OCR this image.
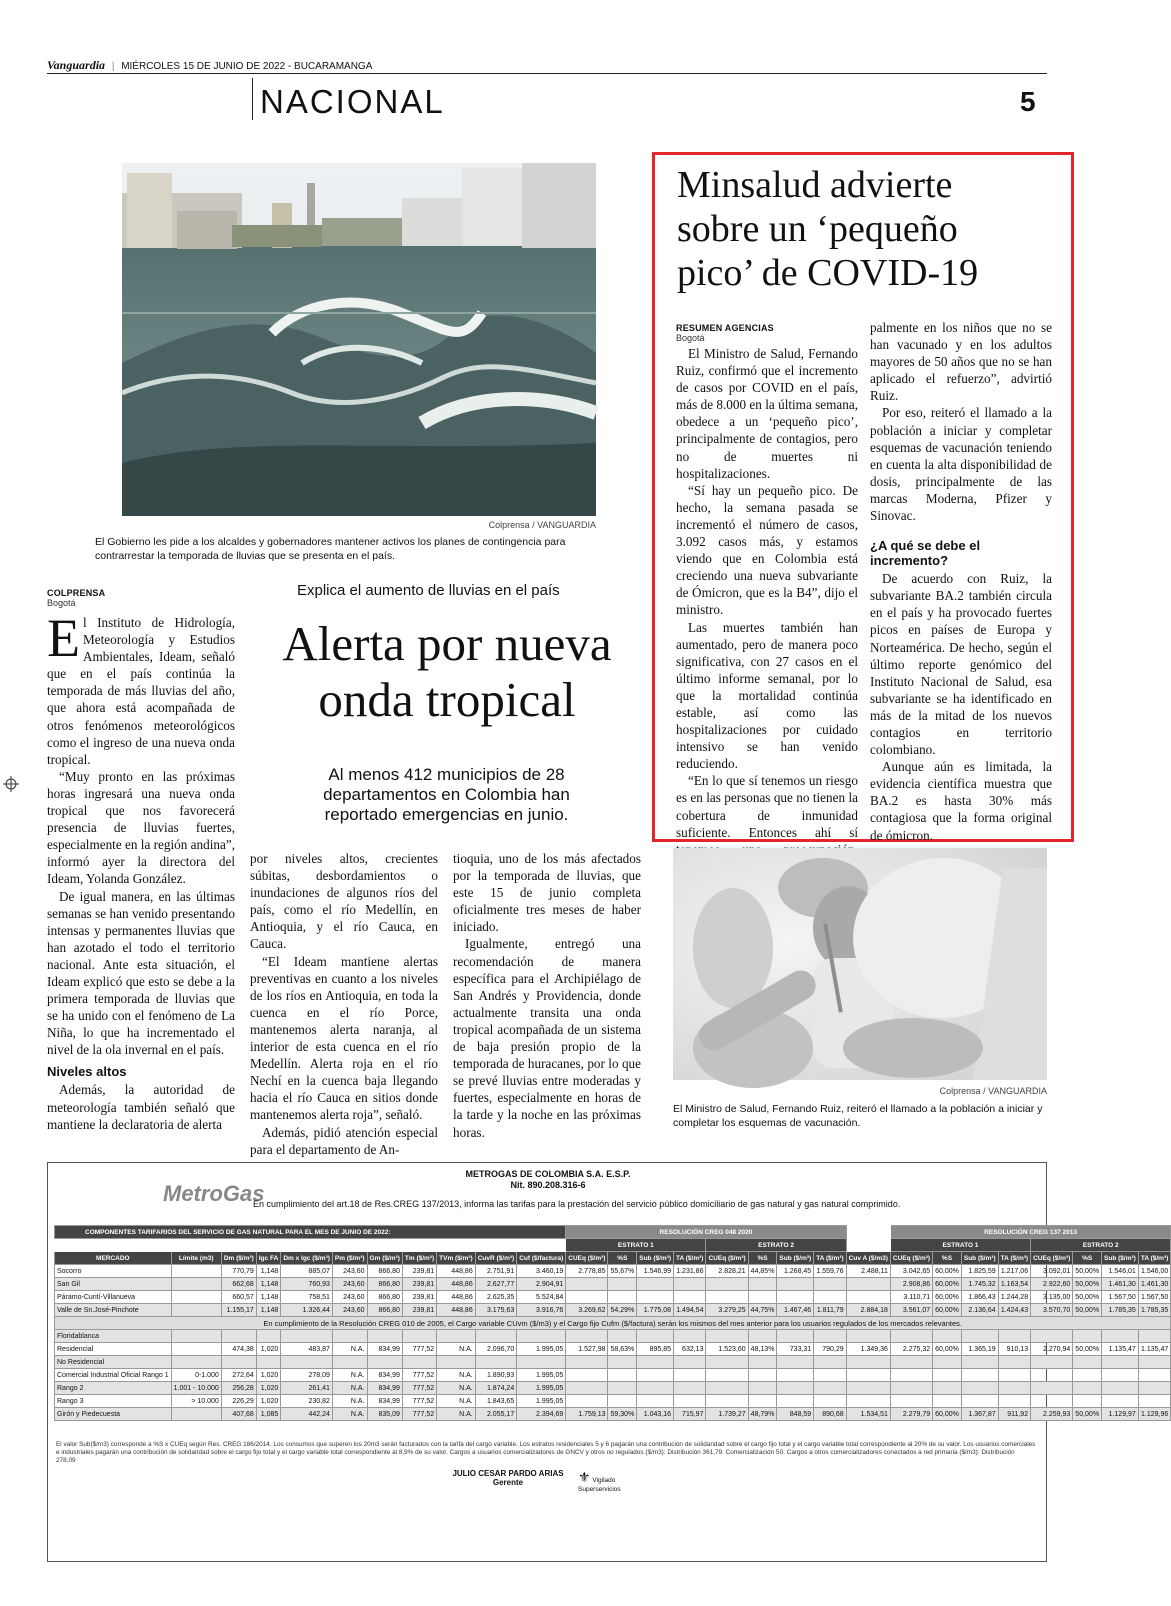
Vanguardia | MIÉRCOLES 15 DE JUNIO DE 2022 - BUCARAMANGA
NACIONAL	5
Colprensa / VANGUARDIA
El Gobierno les pide a los alcaldes y gobernadores mantener activos los planes de contingencia para contrarrestar la temporada de lluvias que se presenta en el país.
Explica el aumento de lluvias en el país
Alerta por nueva
onda tropical
Al menos 412 municipios de 28 departamentos en Colombia han reportado emergencias en junio.
COLPRENSA
Bogotá

El Instituto de Hidrología, Meteorología y Estudios Ambientales, Ideam, señaló que en el país continúa la temporada de más lluvias del año, que ahora está acompañada de otros fenómenos meteorológicos como el ingreso de una nueva onda tropical.

“Muy pronto en las próximas horas ingresará una nueva onda tropical que nos favorecerá presencia de lluvias fuertes, especialmente en la región andina”, informó ayer la directora del Ideam, Yolanda González.

De igual manera, en las últimas semanas se han venido presentando intensas y permanentes lluvias que han azotado el todo el territorio nacional. Ante esta situación, el Ideam explicó que esto se debe a la primera temporada de lluvias que se ha unido con el fenómeno de La Niña, lo que ha incrementado el nivel de la ola invernal en el país.

Niveles altos

Además, la autoridad de meteorología también señaló que mantiene la declaratoria de alerta

por niveles altos, crecientes súbitas, desbordamientos o inundaciones de algunos ríos del país, como el río Medellín, en Antioquia, y el río Cauca, en Cauca.

“El Ideam mantiene alertas preventivas en cuanto a los niveles de los ríos en Antioquia, en toda la cuenca en el río Porce, mantenemos alerta naranja, al interior de esta cuenca en el río Medellín. Alerta roja en el río Nechí en la cuenca baja llegando hacia el río Cauca en sitios donde mantenemos alerta roja”, señaló.

Además, pidió atención especial para el departamento de An-

tioquia, uno de los más afectados por la temporada de lluvias, que este 15 de junio completa oficialmente tres meses de haber iniciado.

Igualmente, entregó una recomendación de manera específica para el Archipiélago de San Andrés y Providencia, donde actualmente transita una onda tropical acompañada de un sistema de baja presión propio de la temporada de huracanes, por lo que se prevé lluvias entre moderadas y fuertes, especialmente en horas de la tarde y la noche en las próximas horas.

Minsalud advierte
sobre un ‘pequeño
pico’ de COVID-19
RESUMEN AGENCIAS
Bogotá

El Ministro de Salud, Fernando Ruiz, confirmó que el incremento de casos por COVID en el país, más de 8.000 en la última semana, obedece a un ‘pequeño pico’, principalmente de contagios, pero no de muertes ni hospitalizaciones.

“Sí hay un pequeño pico. De hecho, la semana pasada se incrementó el número de casos, 3.092 casos más, y estamos viendo que en Colombia está creciendo una nueva subvariante de Ómicron, que es la B4”, dijo el ministro.

Las muertes también han aumentado, pero de manera poco significativa, con 27 casos en el último informe semanal, por lo que la mortalidad continúa estable, así como las hospitalizaciones por cuidado intensivo se han venido reduciendo.

“En lo que sí tenemos un riesgo es en las personas que no tienen la cobertura de inmunidad suficiente. Entonces ahí sí

palmente en los niños que no se han vacunado y en los adultos mayores de 50 años que no se han aplicado el refuerzo”, advirtió Ruiz.

Por eso, reiteró el llamado a la población a iniciar y completar esquemas de vacunación teniendo en cuenta la alta disponibilidad de dosis, principalmente de las marcas Moderna, Pfizer y Sinovac.

¿A qué se debe el incremento?

De acuerdo con Ruiz, la subvariante BA.2 también circula en el país y ha provocado fuertes picos en países de Europa y Norteamérica. De hecho, según el último reporte genómico del Instituto Nacional de Salud, esa subvariante se ha identificado en más de la mitad de los nuevos contagios en territorio colombiano.

Aunque aún es limitada, la evidencia científica muestra que BA.2 es hasta 30% más contagiosa que la forma original de ómicron.

Colprensa / VANGUARDIA
El Ministro de Salud, Fernando Ruiz, reiteró el llamado a la población a iniciar y completar los esquemas de vacunación.
MetroGas
METROGAS DE COLOMBIA S.A. E.S.P.
Nit. 890.208.316-6
En cumplimiento del art.18 de Res.CREG 137/2013, informa las tarifas para la prestación del servicio público domiciliario de gas natural y gas natural comprimido.
COMPONENTES TARIFARIOS DEL SERVICIO DE GAS NATURAL PARA EL MES DE JUNIO DE 2022:											RESOLUCIÓN CREG 048 2020									RESOLUCIÓN CREG 137 2013							
											ESTRATO 1				ESTRATO 2					ESTRATO 1				ESTRATO 2			
MERCADO	Límite (m3)	Dm ($/m³)	Igc FA	Dm x Igc ($/m³)	Pm ($/m³)	Gm ($/m³)	Tm ($/m³)	TVm ($/m³)	CuvR ($/m³)	Cuf ($/factura)	CUEq ($/m³)	%S	Sub ($/m³)	TA ($/m³)	CUEq ($/m³)	%S	Sub ($/m³)	TA ($/m³)	Cuv A ($/m3)	CUEq ($/m³)	%S	Sub ($/m³)	TA ($/m³)	CUEq ($/m³)	%S	Sub ($/m³)	TA ($/m³)
Socorro		770,79	1,148	885,07	243,60	866,80	239,81	448,86	2.751,91	3.460,19	2.778,85	55,67%	1.546,99	1.231,86	2.828,21	44,85%	1.268,45	1.559,76	2.488,11	3.042,65	60,00%	1.825,59	1.217,06	3.092,01	50,00%	1.546,01	1.546,00
San Gil		662,68	1,148	760,93	243,60	866,80	239,81	448,86	2.627,77	2.904,91										2.908,86	60,00%	1.745,32	1.163,54	2.922,60	50,00%	1.461,30	1.461,30
Páramo-Curití-Villanueva		660,57	1,148	758,51	243,60	866,80	239,81	448,86	2.625,35	5.524,84										3.110,71	60,00%	1.866,43	1.244,28	3.135,00	50,00%	1.567,50	1.567,50
Valle de Sn.José-Pinchote		1.155,17	1,148	1.326,44	243,60	866,80	239,81	448,86	3.175,63	3.916,76	3.269,62	54,29%	1.775,08	1.494,54	3.279,25	44,75%	1.467,46	1.811,79	2.884,18	3.561,07	60,00%	2.136,64	1.424,43	3.570,70	50,00%	1.785,35	1.785,35
En cumplimiento de la Resolución CREG 010 de 2005, el Cargo variable CUvm ($/m3) y el Cargo fijo Cufm ($/factura) serán los mismos del mes anterior para los usuarios regulados de los mercados relevantes.																											
Floridablanca																											
Residencial		474,38	1,020	483,87	N.A.	834,99	777,52	N.A.	2.096,70	1.995,05	1.527,98	58,63%	895,85	632,13	1.523,60	48,13%	733,31	790,29	1.349,36	2.275,32	60,00%	1.365,19	910,13	2.270,94	50,00%	1.135,47	1.135,47
No Residencial																											
Comercial Industrial Oficial Rango 1	0-1.000	272,64	1,020	278,09	N.A.	834,99	777,52	N.A.	1.890,93	1.995,05																	
Rango 2	1.001 - 10.000	256,28	1,020	261,41	N.A.	834,99	777,52	N.A.	1.874,24	1.995,05																	
Rango 3	> 10.000	226,29	1,020	230,82	N.A.	834,99	777,52	N.A.	1.843,65	1.995,05																	
Girón y Piedecuesta		407,68	1,085	442,24	N.A.	835,09	777,52	N.A.	2.055,17	2.394,69	1.759,13	59,30%	1.043,16	715,97	1.739,27	48,79%	848,59	890,68	1.534,51	2.279,79	60,00%	1.367,87	911,92	2.259,93	50,00%	1.129,97	1.129,96
El valor Sub($/m3) corresponde a %S x CUEq según Res. CREG 186/2014. Los consumos que superen los 20m3 serán facturados con la tarifa del cargo variable. Los estratos residenciales 5 y 6 pagarán una contribución de solidaridad sobre el cargo fijo total y el cargo variable total correspondiente al 20% de su valor. Los usuarios comerciales e industriales pagarán una contribución de solidaridad sobre el cargo fijo total y el cargo variable total correspondiente al 8,9% de su valor. Cargos a usuarios comercializadores de GNCV y otros no regulados ($/m3): Distribución 361,79. Comercialización 50. Cargos a otros comercializadores conectados a red primaria ($/m3): Distribución 278,09
JULIO CESAR PARDO ARIAS
Gerente	⚜ Vigilado Superservicios
